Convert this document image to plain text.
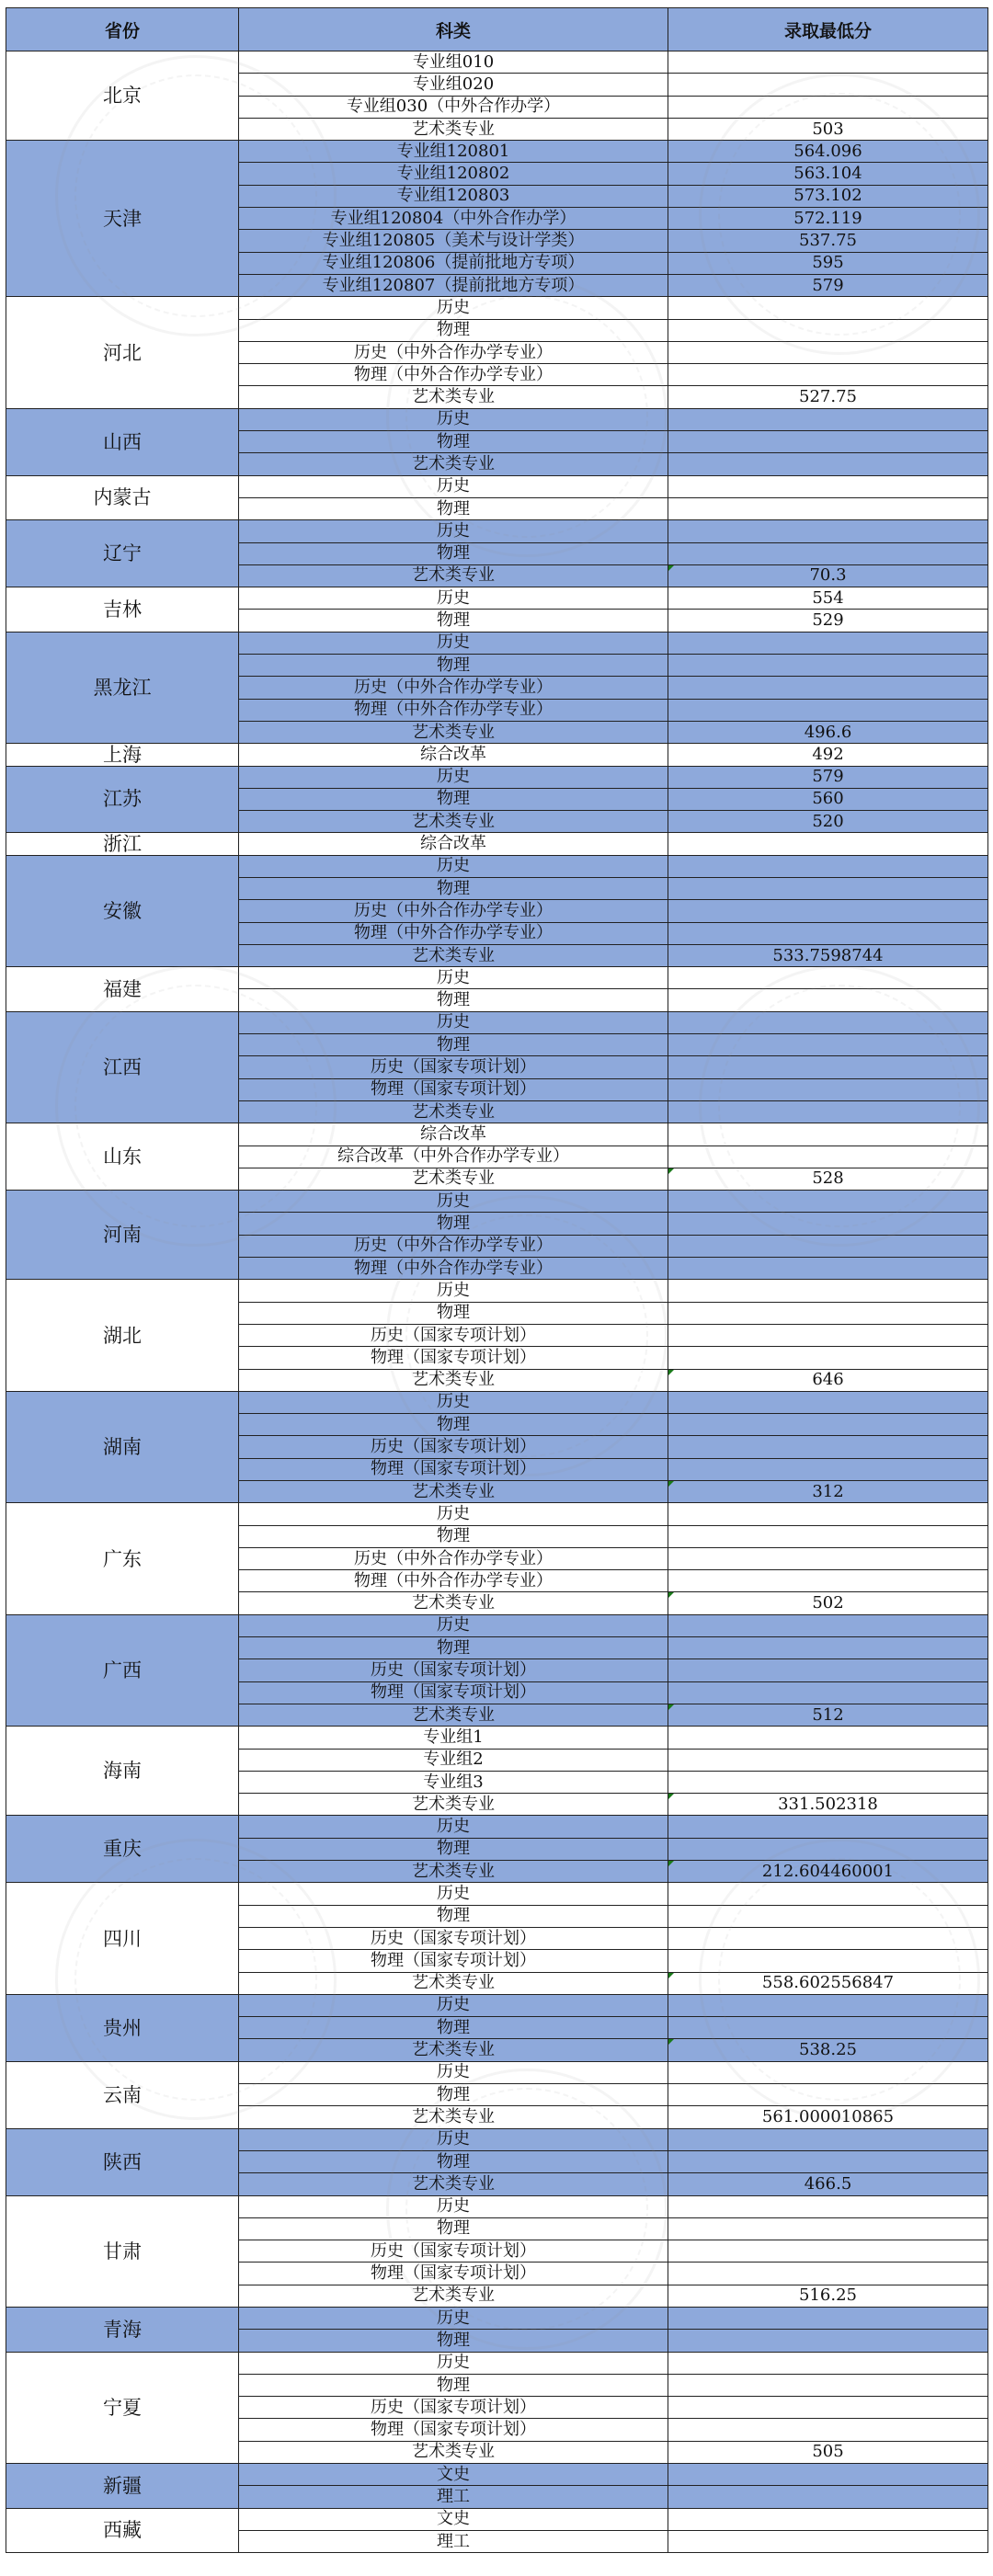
省份	科类	录取最低分
北京	专业组010	
	专业组020	
	专业组030（中外合作办学）	
	艺术类专业	503
天津	专业组120801	564.096
	专业组120802	563.104
	专业组120803	573.102
	专业组120804（中外合作办学）	572.119
	专业组120805（美术与设计学类）	537.75
	专业组120806（提前批地方专项）	595
	专业组120807（提前批地方专项）	579
河北	历史	
	物理	
	历史（中外合作办学专业）	
	物理（中外合作办学专业）	
	艺术类专业	527.75
山西	历史	
	物理	
	艺术类专业	
内蒙古	历史	
	物理	
辽宁	历史	
	物理	
	艺术类专业	70.3

吉林	历史	554
	物理	529
黑龙江	历史	
	物理	
	历史（中外合作办学专业）	
	物理（中外合作办学专业）	
	艺术类专业	496.6
上海	综合改革	492
江苏	历史	579
	物理	560
	艺术类专业	520
浙江	综合改革	
安徽	历史	
	物理	
	历史（中外合作办学专业）	
	物理（中外合作办学专业）	
	艺术类专业	533.7598744
福建	历史	
	物理	
江西	历史	
	物理	
	历史（国家专项计划）	
	物理（国家专项计划）	
	艺术类专业	
山东	综合改革	
	综合改革（中外合作办学专业）	
	艺术类专业	528

河南	历史	
	物理	
	历史（中外合作办学专业）	
	物理（中外合作办学专业）	
湖北	历史	
	物理	
	历史（国家专项计划）	
	物理（国家专项计划）	
	艺术类专业	646

湖南	历史	
	物理	
	历史（国家专项计划）	
	物理（国家专项计划）	
	艺术类专业	312

广东	历史	
	物理	
	历史（中外合作办学专业）	
	物理（中外合作办学专业）	
	艺术类专业	502

广西	历史	
	物理	
	历史（国家专项计划）	
	物理（国家专项计划）	
	艺术类专业	512

海南	专业组1	
	专业组2	
	专业组3	
	艺术类专业	331.502318

重庆	历史	
	物理	
	艺术类专业	212.604460001

四川	历史	
	物理	
	历史（国家专项计划）	
	物理（国家专项计划）	
	艺术类专业	558.602556847

贵州	历史	
	物理	
	艺术类专业	538.25

云南	历史	
	物理	
	艺术类专业	561.000010865
陕西	历史	
	物理	
	艺术类专业	466.5
甘肃	历史	
	物理	
	历史（国家专项计划）	
	物理（国家专项计划）	
	艺术类专业	516.25
青海	历史	
	物理	
宁夏	历史	
	物理	
	历史（国家专项计划）	
	物理（国家专项计划）	
	艺术类专业	505
新疆	文史	
	理工	
西藏	文史	
	理工	
